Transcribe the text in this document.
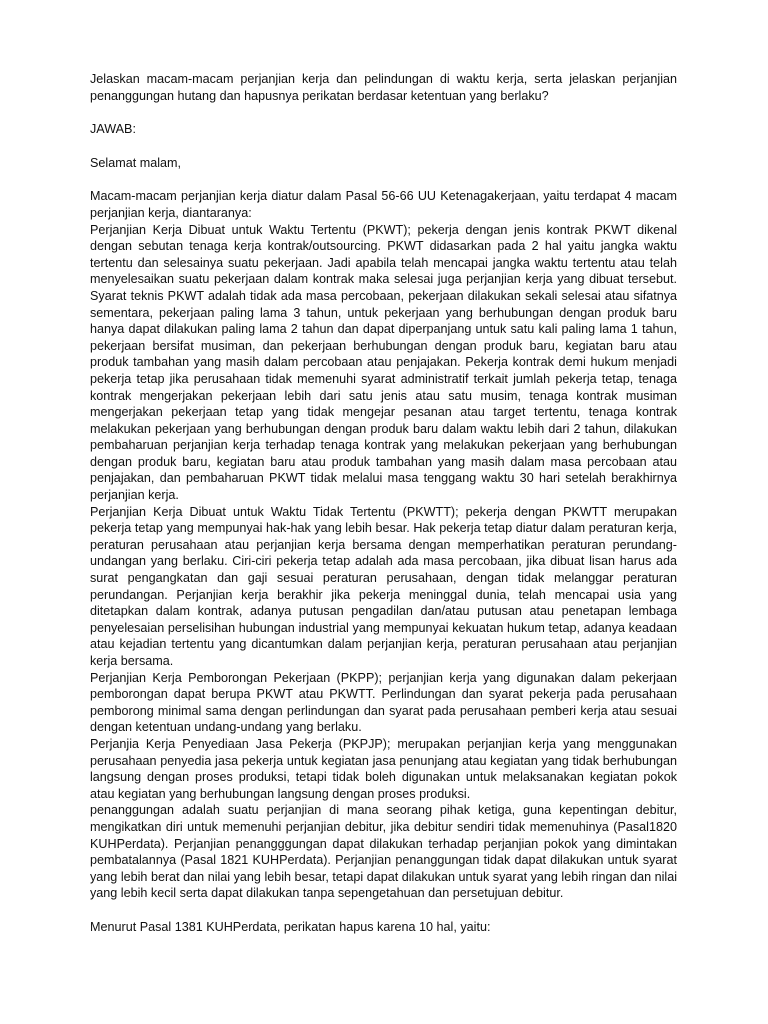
Jelaskan macam-macam perjanjian kerja dan pelindungan di waktu kerja, serta jelaskan perjanjian penanggungan hutang dan hapusnya perikatan berdasar ketentuan yang berlaku?

JAWAB:

Selamat malam,

Macam-macam perjanjian kerja diatur dalam Pasal 56-66 UU Ketenagakerjaan, yaitu terdapat 4 macam perjanjian kerja, diantaranya:

Perjanjian Kerja Dibuat untuk Waktu Tertentu (PKWT); pekerja dengan jenis kontrak PKWT dikenal dengan sebutan tenaga kerja kontrak/outsourcing. PKWT didasarkan pada 2 hal yaitu jangka waktu tertentu dan selesainya suatu pekerjaan. Jadi apabila telah mencapai jangka waktu tertentu atau telah menyelesaikan suatu pekerjaan dalam kontrak maka selesai juga perjanjian kerja yang dibuat tersebut. Syarat teknis PKWT adalah tidak ada masa percobaan, pekerjaan dilakukan sekali selesai atau sifatnya sementara, pekerjaan paling lama 3 tahun, untuk pekerjaan yang berhubungan dengan produk baru hanya dapat dilakukan paling lama 2 tahun dan dapat diperpanjang untuk satu kali paling lama 1 tahun, pekerjaan bersifat musiman, dan pekerjaan berhubungan dengan produk baru, kegiatan baru atau produk tambahan yang masih dalam percobaan atau penjajakan. Pekerja kontrak demi hukum menjadi pekerja tetap jika perusahaan tidak memenuhi syarat administratif terkait jumlah pekerja tetap, tenaga kontrak mengerjakan pekerjaan lebih dari satu jenis atau satu musim, tenaga kontrak musiman mengerjakan pekerjaan tetap yang tidak mengejar pesanan atau target tertentu, tenaga kontrak melakukan pekerjaan yang berhubungan dengan produk baru dalam waktu lebih dari 2 tahun, dilakukan pembaharuan perjanjian kerja terhadap tenaga kontrak yang melakukan pekerjaan yang berhubungan dengan produk baru, kegiatan baru atau produk tambahan yang masih dalam masa percobaan atau penjajakan, dan pembaharuan PKWT tidak melalui masa tenggang waktu 30 hari setelah berakhirnya perjanjian kerja.

Perjanjian Kerja Dibuat untuk Waktu Tidak Tertentu (PKWTT); pekerja dengan PKWTT merupakan pekerja tetap yang mempunyai hak-hak yang lebih besar. Hak pekerja tetap diatur dalam peraturan kerja, peraturan perusahaan atau perjanjian kerja bersama dengan memperhatikan peraturan perundang-undangan yang berlaku. Ciri-ciri pekerja tetap adalah ada masa percobaan, jika dibuat lisan harus ada surat pengangkatan dan gaji sesuai peraturan perusahaan, dengan tidak melanggar peraturan perundangan. Perjanjian kerja berakhir jika pekerja meninggal dunia, telah mencapai usia yang ditetapkan dalam kontrak, adanya putusan pengadilan dan/atau putusan atau penetapan lembaga penyelesaian perselisihan hubungan industrial yang mempunyai kekuatan hukum tetap, adanya keadaan atau kejadian tertentu yang dicantumkan dalam perjanjian kerja, peraturan perusahaan atau perjanjian kerja bersama.

Perjanjian Kerja Pemborongan Pekerjaan (PKPP); perjanjian kerja yang digunakan dalam pekerjaan pemborongan dapat berupa PKWT atau PKWTT. Perlindungan dan syarat pekerja pada perusahaan pemborong minimal sama dengan perlindungan dan syarat pada perusahaan pemberi kerja atau sesuai dengan ketentuan undang-undang yang berlaku.

Perjanjia Kerja Penyediaan Jasa Pekerja (PKPJP); merupakan perjanjian kerja yang menggunakan perusahaan penyedia jasa pekerja untuk kegiatan jasa penunjang atau kegiatan yang tidak berhubungan langsung dengan proses produksi, tetapi tidak boleh digunakan untuk melaksanakan kegiatan pokok atau kegiatan yang berhubungan langsung dengan proses produksi.

penanggungan adalah suatu perjanjian di mana seorang pihak ketiga, guna kepentingan debitur, mengikatkan diri untuk memenuhi perjanjian debitur, jika debitur sendiri tidak memenuhinya (Pasal1820 KUHPerdata). Perjanjian penangggungan dapat dilakukan terhadap perjanjian pokok yang dimintakan pembatalannya (Pasal 1821 KUHPerdata). Perjanjian penanggungan tidak dapat dilakukan untuk syarat yang lebih berat dan nilai yang lebih besar, tetapi dapat dilakukan untuk syarat yang lebih ringan dan nilai yang lebih kecil serta dapat dilakukan tanpa sepengetahuan dan persetujuan debitur.

Menurut Pasal 1381 KUHPerdata, perikatan hapus karena 10 hal, yaitu:
